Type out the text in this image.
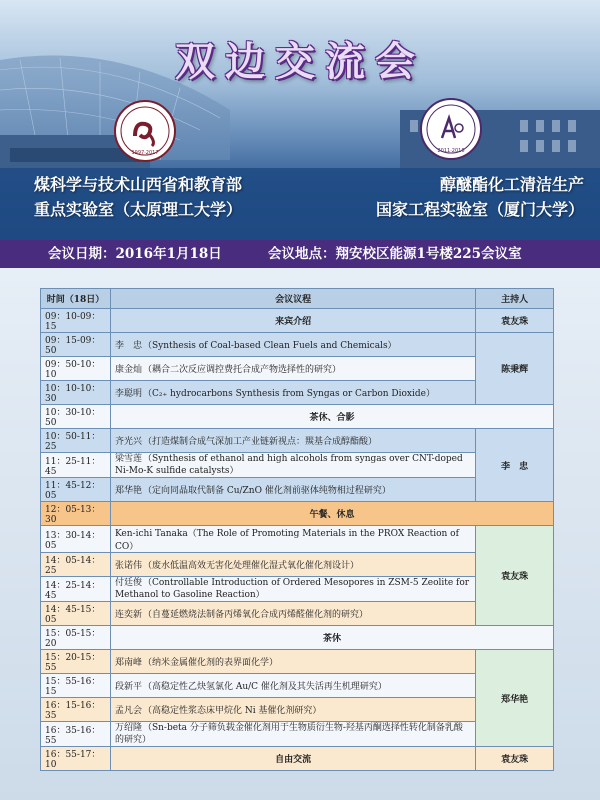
双边交流会
1997·2017	2011·2016
煤科学与技术山西省和教育部
重点实验室（太原理工大学）
醇醚酯化工清洁生产
国家工程实验室（厦门大学）
会议日期：2016年1月18日	会议地点：翔安校区能源1号楼225会议室
时间（18日）	会议议程	主持人
09：10-09：15	来宾介绍	袁友珠
09：15-09：50	李　忠（Synthesis of Coal-based Clean Fuels and Chemicals）	陈秉辉
09：50-10：10	康金灿（耦合二次反应调控费托合成产物选择性的研究）	
10：10-10：30	李聪明（C₂₊ hydrocarbons Synthesis from Syngas or Carbon Dioxide）	
10：30-10：50	茶休、合影	
10：50-11：25	齐光兴（打造煤制合成气深加工产业链新视点：羰基合成醇酯酸）	李　忠
11：25-11：45	梁雪莲（Synthesis of ethanol and high alcohols from syngas over CNT-doped Ni-Mo-K sulfide catalysts）	
11：45-12：05	郑华艳（定向同晶取代制备 Cu/ZnO 催化剂前驱体纯物相过程研究）	
12：05-13：30	午餐、休息	
13：30-14：05	Ken-ichi Tanaka（The Role of Promoting Materials in the PROX Reaction of CO）	袁友珠
14：05-14：25	张诺伟（废水低温高效无害化处理催化湿式氧化催化剂设计）	
14：25-14：45	付廷俊（Controllable Introduction of Ordered Mesopores in ZSM-5 Zeolite for Methanol to Gasoline Reaction）	
14：45-15：05	连奕新（自蔓延燃烧法制备丙烯氧化合成丙烯醛催化剂的研究）	
15：05-15：20	茶休	
15：20-15：55	郑南峰（纳米金属催化剂的表界面化学）	郑华艳
15：55-16：15	段新平（高稳定性乙炔氢氯化 Au/C 催化剂及其失活再生机理研究）	
16：15-16：35	孟凡会（高稳定性浆态床甲烷化 Ni 基催化剂研究）	
16：35-16：55	万绍隆（Sn-beta 分子筛负载金催化剂用于生物质衍生物-羟基丙酮选择性转化制备乳酸的研究）	
16：55-17：10	自由交流	袁友珠
